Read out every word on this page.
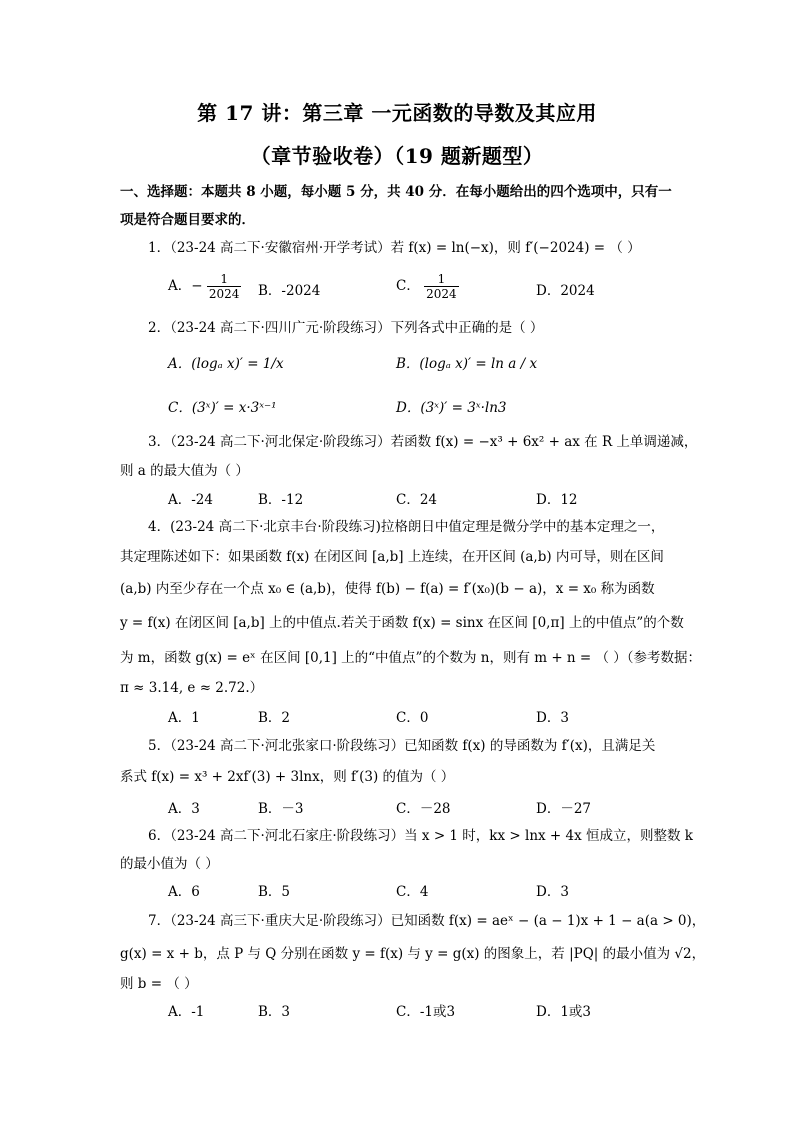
第 17 讲：第三章 一元函数的导数及其应用
（章节验收卷）（19 题新题型）
一、选择题：本题共 8 小题，每小题 5 分，共 40 分．在每小题给出的四个选项中，只有一
项是符合题目要求的．
1．（23-24 高二下·安徽宿州·开学考试）若 f(x) = ln(−x)，则 f′(−2024) = （ ）
A．− $\frac{1}{2024}$ B．-2024	C． $\frac{1}{2024}$	D．2024
2．（23-24 高二下·四川广元·阶段练习）下列各式中正确的是（ ）
A．(logₐ x)′ = 1/x	B．(logₐ x)′ = ln a / x
C．(3ˣ)′ = x·3ˣ⁻¹	D．(3ˣ)′ = 3ˣ·ln3
3．（23-24 高二下·河北保定·阶段练习）若函数 f(x) = −x³ + 6x² + ax 在 R 上单调递减，
则 a 的最大值为（ ）
A．-24	B．-12	C．24	D．12
4．(23-24 高二下·北京丰台·阶段练习)拉格朗日中值定理是微分学中的基本定理之一，
其定理陈述如下：如果函数 f(x) 在闭区间 [a,b] 上连续，在开区间 (a,b) 内可导，则在区间
(a,b) 内至少存在一个点 x₀ ∈ (a,b)，使得 f(b) − f(a) = f′(x₀)(b − a)，x = x₀ 称为函数
y = f(x) 在闭区间 [a,b] 上的中值点.若关于函数 f(x) = sinx 在区间 [0,π] 上的中值点”的个数
为 m，函数 g(x) = eˣ 在区间 [0,1] 上的“中值点”的个数为 n，则有 m + n = （ ）（参考数据：
π ≈ 3.14, e ≈ 2.72.）
A．1	B．2	C．0	D．3
5．（23-24 高二下·河北张家口·阶段练习）已知函数 f(x) 的导函数为 f′(x)，且满足关
系式 f(x) = x³ + 2xf′(3) + 3lnx，则 f′(3) 的值为（ ）
A．3	B．－3	C．－28	D．－27
6．（23-24 高二下·河北石家庄·阶段练习）当 x > 1 时，kx > lnx + 4x 恒成立，则整数 k
的最小值为（ ）
A．6	B．5	C．4	D．3
7．（23-24 高三下·重庆大足·阶段练习）已知函数 f(x) = aeˣ − (a − 1)x + 1 − a(a > 0)，
g(x) = x + b，点 P 与 Q 分别在函数 y = f(x) 与 y = g(x) 的图象上，若 |PQ| 的最小值为 √2，
则 b = （ ）
A．-1	B．3	C．-1或3	D．1或3
